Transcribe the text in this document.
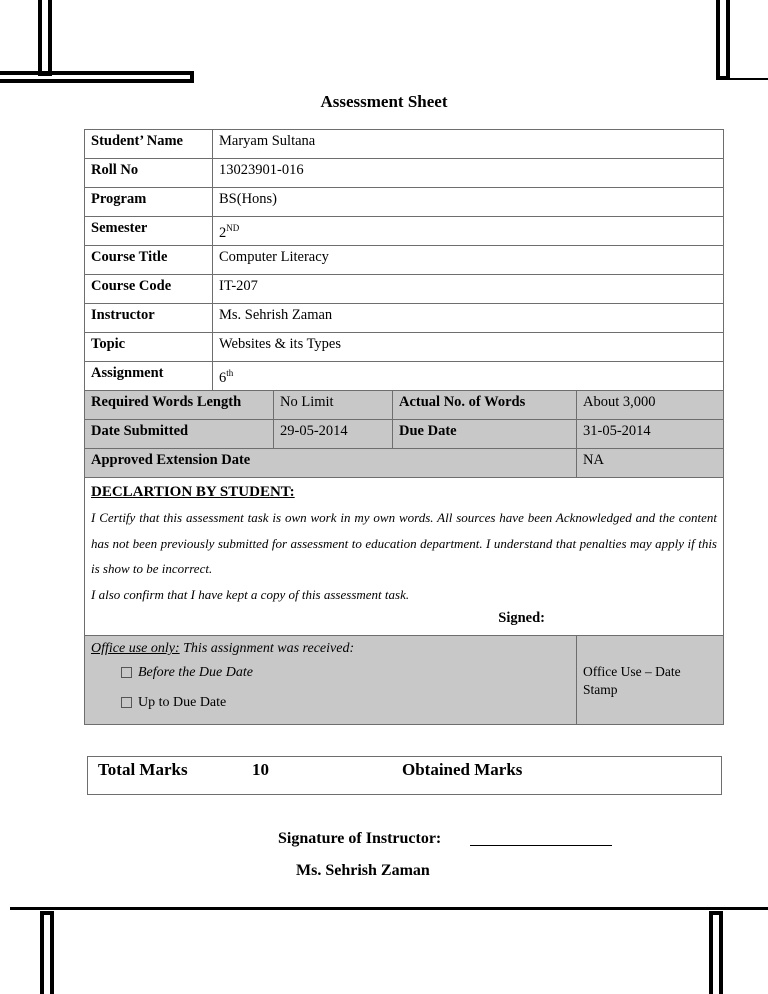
Assessment Sheet
Student’ Name	Maryam Sultana			
Roll No	13023901-016			
Program	BS(Hons)			
Semester	2ND
Course Title	Computer Literacy			
Course Code	IT-207			
Instructor	Ms. Sehrish Zaman			
Topic	Websites & its Types			
Assignment	6th
Required Words Length		No Limit	Actual No. of Words	About 3,000
Date Submitted		29-05-2014	Due Date	31-05-2014
Approved Extension Date				NA

DECLARTION BY STUDENT:
I Certify that this assessment task is own work in my own words. All sources have been Acknowledged and the content has not been previously submitted for assessment to education department. I understand that penalties may apply if this is show to be incorrect.
I also confirm that I have kept a copy of this assessment task.
Signed:				

Office use only: This assignment was received:
Before the Due Date
Up to Due Date				Office Use – Date Stamp
Total Marks	10	Obtained Marks
Signature of Instructor:
Ms. Sehrish Zaman
